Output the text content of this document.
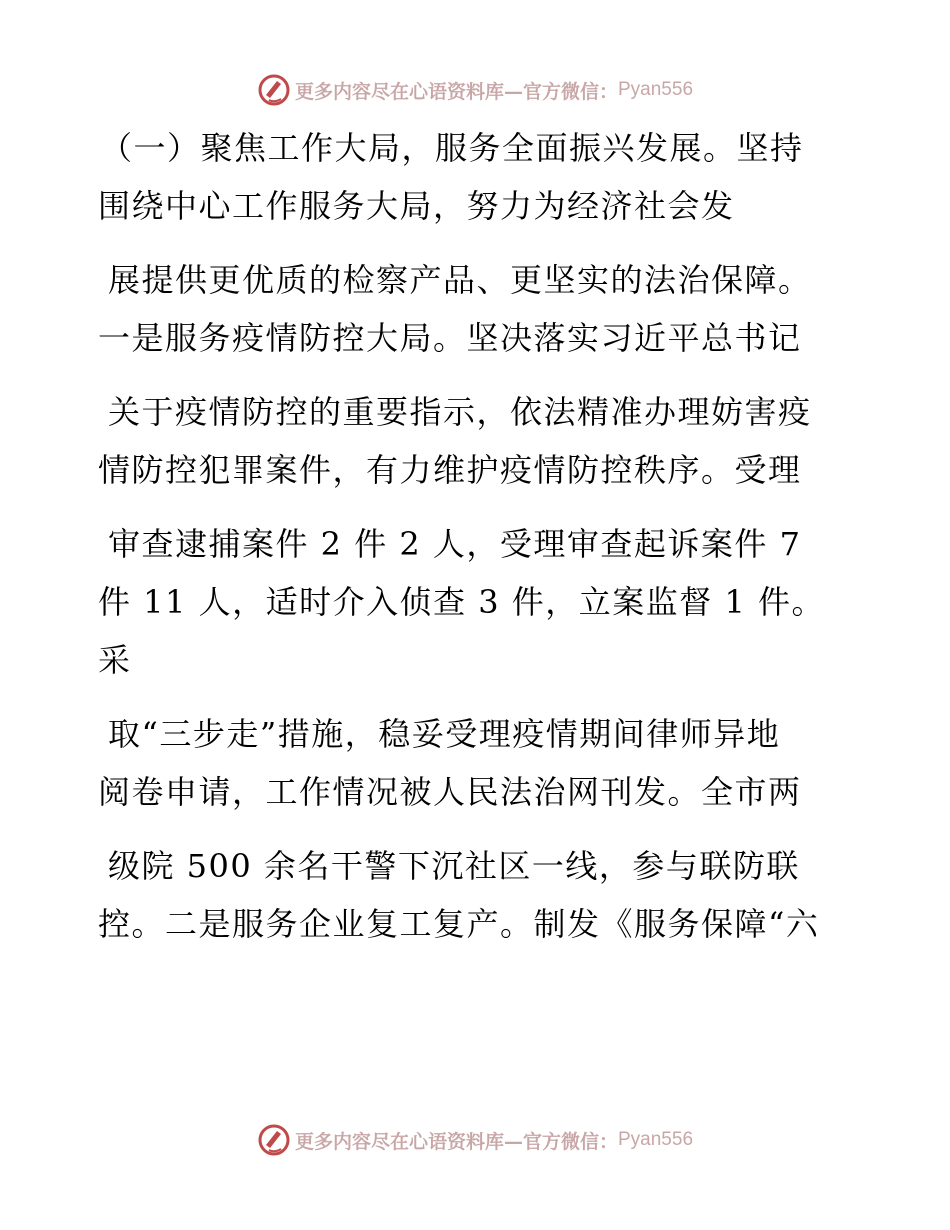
更多内容尽在心语资料库—官方微信： Pyan556
（一）聚焦工作大局，服务全面振兴发展。坚持
围绕中心工作服务大局，努力为经济社会发
展提供更优质的检察产品、更坚实的法治保障。
一是服务疫情防控大局。坚决落实习近平总书记
关于疫情防控的重要指示，依法精准办理妨害疫
情防控犯罪案件，有力维护疫情防控秩序。受理
审查逮捕案件 2 件 2 人，受理审查起诉案件 7
件 11 人，适时介入侦查 3 件，立案监督 1 件。
采
取“三步走”措施，稳妥受理疫情期间律师异地
阅卷申请，工作情况被人民法治网刊发。全市两
级院 500 余名干警下沉社区一线，参与联防联
控。二是服务企业复工复产。制发《服务保障“六
更多内容尽在心语资料库—官方微信： Pyan556
